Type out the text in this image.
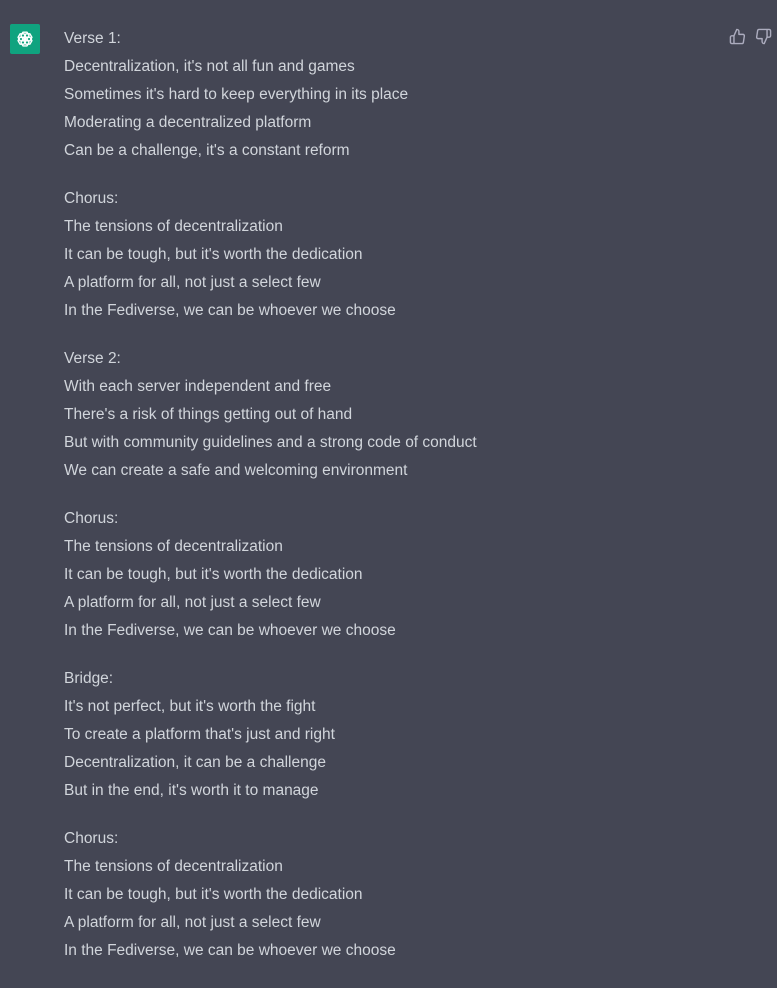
Verse 1:
Decentralization, it's not all fun and games
Sometimes it's hard to keep everything in its place
Moderating a decentralized platform
Can be a challenge, it's a constant reform
Chorus:
The tensions of decentralization
It can be tough, but it's worth the dedication
A platform for all, not just a select few
In the Fediverse, we can be whoever we choose
Verse 2:
With each server independent and free
There's a risk of things getting out of hand
But with community guidelines and a strong code of conduct
We can create a safe and welcoming environment
Chorus:
The tensions of decentralization
It can be tough, but it's worth the dedication
A platform for all, not just a select few
In the Fediverse, we can be whoever we choose
Bridge:
It's not perfect, but it's worth the fight
To create a platform that's just and right
Decentralization, it can be a challenge
But in the end, it's worth it to manage
Chorus:
The tensions of decentralization
It can be tough, but it's worth the dedication
A platform for all, not just a select few
In the Fediverse, we can be whoever we choose
